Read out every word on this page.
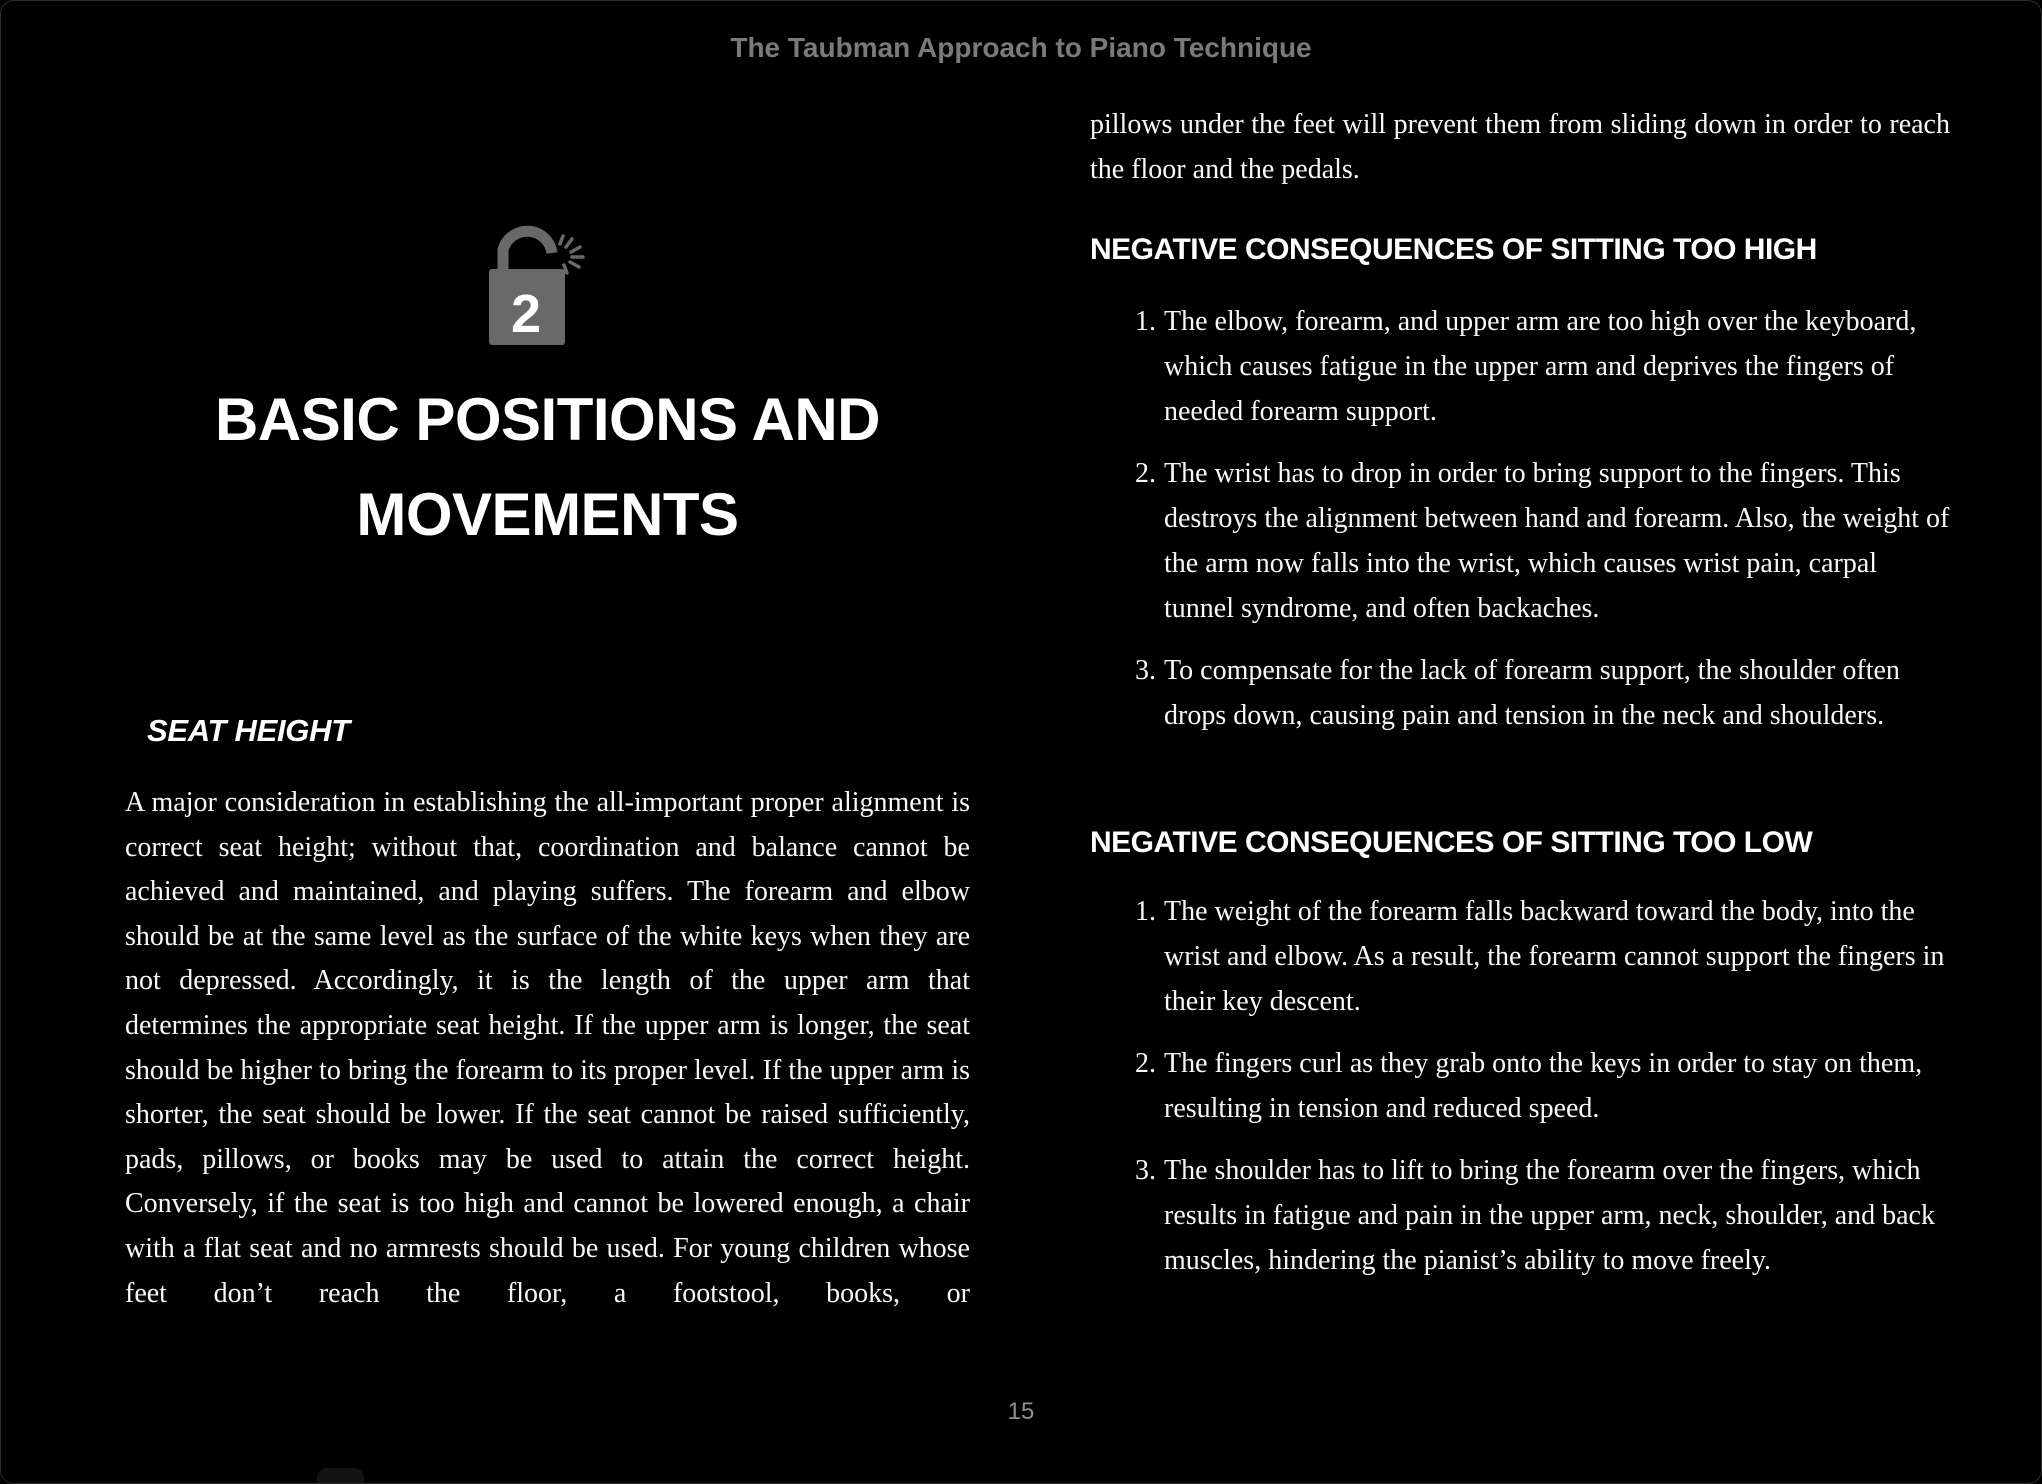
The Taubman Approach to Piano Technique
2
BASIC POSITIONS AND MOVEMENTS
SEAT HEIGHT

A major consideration in establishing the all-important proper alignment is correct seat height; without that, coordination and balance cannot be achieved and maintained, and playing suffers. The forearm and elbow should be at the same level as the surface of the white keys when they are not depressed. Accordingly, it is the length of the upper arm that determines the appropriate seat height. If the upper arm is longer, the seat should be higher to bring the forearm to its proper level. If the upper arm is shorter, the seat should be lower. If the seat cannot be raised sufficiently, pads, pillows, or books may be used to attain the correct height. Conversely, if the seat is too high and cannot be lowered enough, a chair with a flat seat and no armrests should be used. For young children whose feet don’t reach the floor, a footstool, books, or

pillows under the feet will prevent them from sliding down in order to reach the floor and the pedals.

NEGATIVE CONSEQUENCES OF SITTING TOO HIGH
The elbow, forearm, and upper arm are too high over the keyboard, which causes fatigue in the upper arm and deprives the fingers of needed forearm support.
The wrist has to drop in order to bring support to the fingers. This destroys the alignment between hand and forearm. Also, the weight of the arm now falls into the wrist, which causes wrist pain, carpal tunnel syndrome, and often backaches.
To compensate for the lack of forearm support, the shoulder often drops down, causing pain and tension in the neck and shoulders.
NEGATIVE CONSEQUENCES OF SITTING TOO LOW
The weight of the forearm falls backward toward the body, into the wrist and elbow. As a result, the forearm cannot support the fingers in their key descent.
The fingers curl as they grab onto the keys in order to stay on them, resulting in tension and reduced speed.
The shoulder has to lift to bring the forearm over the fingers, which results in fatigue and pain in the upper arm, neck, shoulder, and back muscles, hindering the pianist’s ability to move freely.
15
